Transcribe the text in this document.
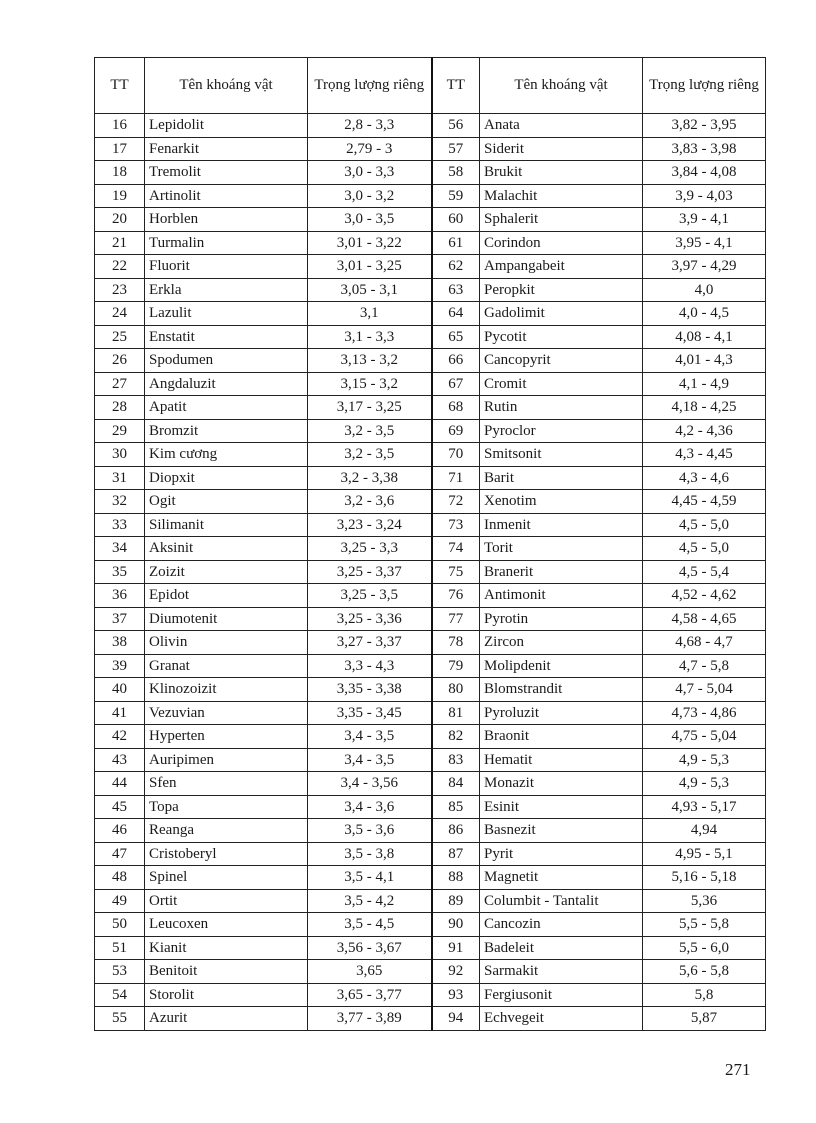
TT	Tên khoáng vật	Trọng lượng riêng	TT	Tên khoáng vật	Trọng lượng riêng
16	Lepidolit	2,8 - 3,3	56	Anata	3,82 - 3,95
17	Fenarkit	2,79 - 3	57	Siderit	3,83 - 3,98
18	Tremolit	3,0 - 3,3	58	Brukit	3,84 - 4,08
19	Artinolit	3,0 - 3,2	59	Malachit	3,9 - 4,03
20	Horblen	3,0 - 3,5	60	Sphalerit	3,9 - 4,1
21	Turmalin	3,01 - 3,22	61	Corindon	3,95 - 4,1
22	Fluorit	3,01 - 3,25	62	Ampangabeit	3,97 - 4,29
23	Erkla	3,05 - 3,1	63	Peropkit	4,0
24	Lazulit	3,1	64	Gadolimit	4,0 - 4,5
25	Enstatit	3,1 - 3,3	65	Pycotit	4,08 - 4,1
26	Spodumen	3,13 - 3,2	66	Cancopyrit	4,01 - 4,3
27	Angdaluzit	3,15 - 3,2	67	Cromit	4,1 - 4,9
28	Apatit	3,17 - 3,25	68	Rutin	4,18 - 4,25
29	Bromzit	3,2 - 3,5	69	Pyroclor	4,2 - 4,36
30	Kim cương	3,2 - 3,5	70	Smitsonit	4,3 - 4,45
31	Diopxit	3,2 - 3,38	71	Barit	4,3 - 4,6
32	Ogit	3,2 - 3,6	72	Xenotim	4,45 - 4,59
33	Silimanit	3,23 - 3,24	73	Inmenit	4,5 - 5,0
34	Aksinit	3,25 - 3,3	74	Torit	4,5 - 5,0
35	Zoizit	3,25 - 3,37	75	Branerit	4,5 - 5,4
36	Epidot	3,25 - 3,5	76	Antimonit	4,52 - 4,62
37	Diumotenit	3,25 - 3,36	77	Pyrotin	4,58 - 4,65
38	Olivin	3,27 - 3,37	78	Zircon	4,68 - 4,7
39	Granat	3,3 - 4,3	79	Molipdenit	4,7 - 5,8
40	Klinozoizit	3,35 - 3,38	80	Blomstrandit	4,7 - 5,04
41	Vezuvian	3,35 - 3,45	81	Pyroluzit	4,73 - 4,86
42	Hyperten	3,4 - 3,5	82	Braonit	4,75 - 5,04
43	Auripimen	3,4 - 3,5	83	Hematit	4,9 - 5,3
44	Sfen	3,4 - 3,56	84	Monazit	4,9 - 5,3
45	Topa	3,4 - 3,6	85	Esinit	4,93 - 5,17
46	Reanga	3,5 - 3,6	86	Basnezit	4,94
47	Cristoberyl	3,5 - 3,8	87	Pyrit	4,95 - 5,1
48	Spinel	3,5 - 4,1	88	Magnetit	5,16 - 5,18
49	Ortit	3,5 - 4,2	89	Columbit - Tantalit	5,36
50	Leucoxen	3,5 - 4,5	90	Cancozin	5,5 - 5,8
51	Kianit	3,56 - 3,67	91	Badeleit	5,5 - 6,0
53	Benitoit	3,65	92	Sarmakit	5,6 - 5,8
54	Storolit	3,65 - 3,77	93	Fergiusonit	5,8
55	Azurit	3,77 - 3,89	94	Echvegeit	5,87
271
